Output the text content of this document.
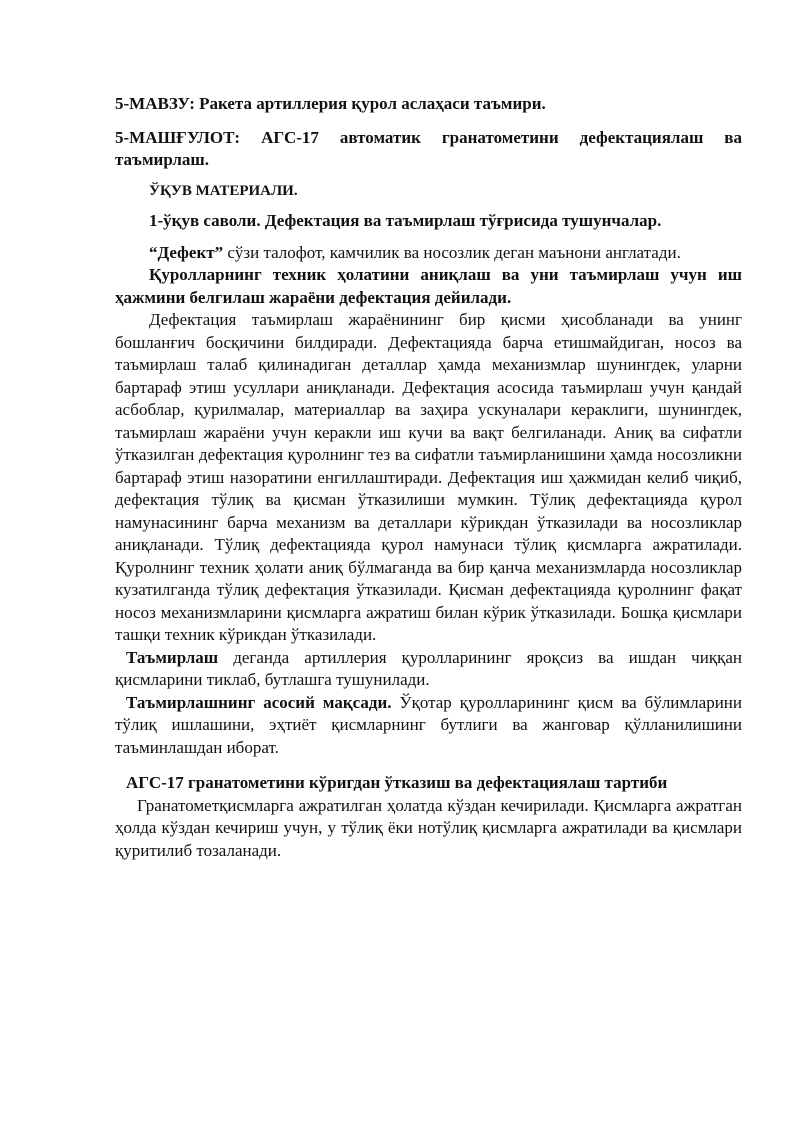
5-МАВЗУ: Ракета артиллерия қурол аслаҳаси таъмири.

5-МАШҒУЛОТ: АГС-17 автоматик гранатометини дефектациялаш ва таъмирлаш.

ЎҚУВ МАТЕРИАЛИ.

1-ўқув саволи. Дефектация ва таъмирлаш тўғрисида тушунчалар.

“Дефект” сўзи талофот, камчилик ва носозлик деган маънони англатади.

Қуролларнинг техник ҳолатини аниқлаш ва уни таъмирлаш учун иш ҳажмини белгилаш жараёни дефектация дейилади.

Дефектация таъмирлаш жараёнининг бир қисми ҳисобланади ва унинг бошланғич босқичини билдиради. Дефектацияда барча етишмайдиган, носоз ва таъмирлаш талаб қилинадиган деталлар ҳамда механизмлар шунингдек, уларни бартараф этиш усуллари аниқланади. Дефектация асосида таъмирлаш учун қандай асбоблар, қурилмалар, материаллар ва заҳира ускуналари кераклиги, шунингдек, таъмирлаш жараёни учун керакли иш кучи ва вақт белгиланади. Аниқ ва сифатли ўтказилган дефектация қуролнинг тез ва сифатли таъмирланишини ҳамда носозликни бартараф этиш назоратини енгиллаштиради. Дефектация иш ҳажмидан келиб чиқиб, дефектация тўлиқ ва қисман ўтказилиши мумкин. Тўлиқ дефектацияда қурол намунасининг барча механизм ва деталлари кўрикдан ўтказилади ва носозликлар аниқланади. Тўлиқ дефектацияда қурол намунаси тўлиқ қисмларга ажратилади. Қуролнинг техник ҳолати аниқ бўлмаганда ва бир қанча механизмларда носозликлар кузатилганда тўлиқ дефектация ўтказилади. Қисман дефектацияда қуролнинг фақат носоз механизмларини қисмларга ажратиш билан кўрик ўтказилади. Бошқа қисмлари ташқи техник кўрикдан ўтказилади.

Таъмирлаш деганда артиллерия қуролларининг яроқсиз ва ишдан чиққан қисмларини тиклаб, бутлашга тушунилади.

Таъмирлашнинг асосий мақсади. Ўқотар қуролларининг қисм ва бўлимларини тўлиқ ишлашини, эҳтиёт қисмларнинг бутлиги ва жанговар қўлланилишини таъминлашдан иборат.

АГС-17 гранатометини кўригдан ўтказиш ва дефектациялаш тартиби

Гранатометқисмларга ажратилган ҳолатда кўздан кечирилади. Қисмларга ажратган ҳолда кўздан кечириш учун, у тўлиқ ёки нотўлиқ қисмларга ажратилади ва қисмлари қуритилиб тозаланади.
